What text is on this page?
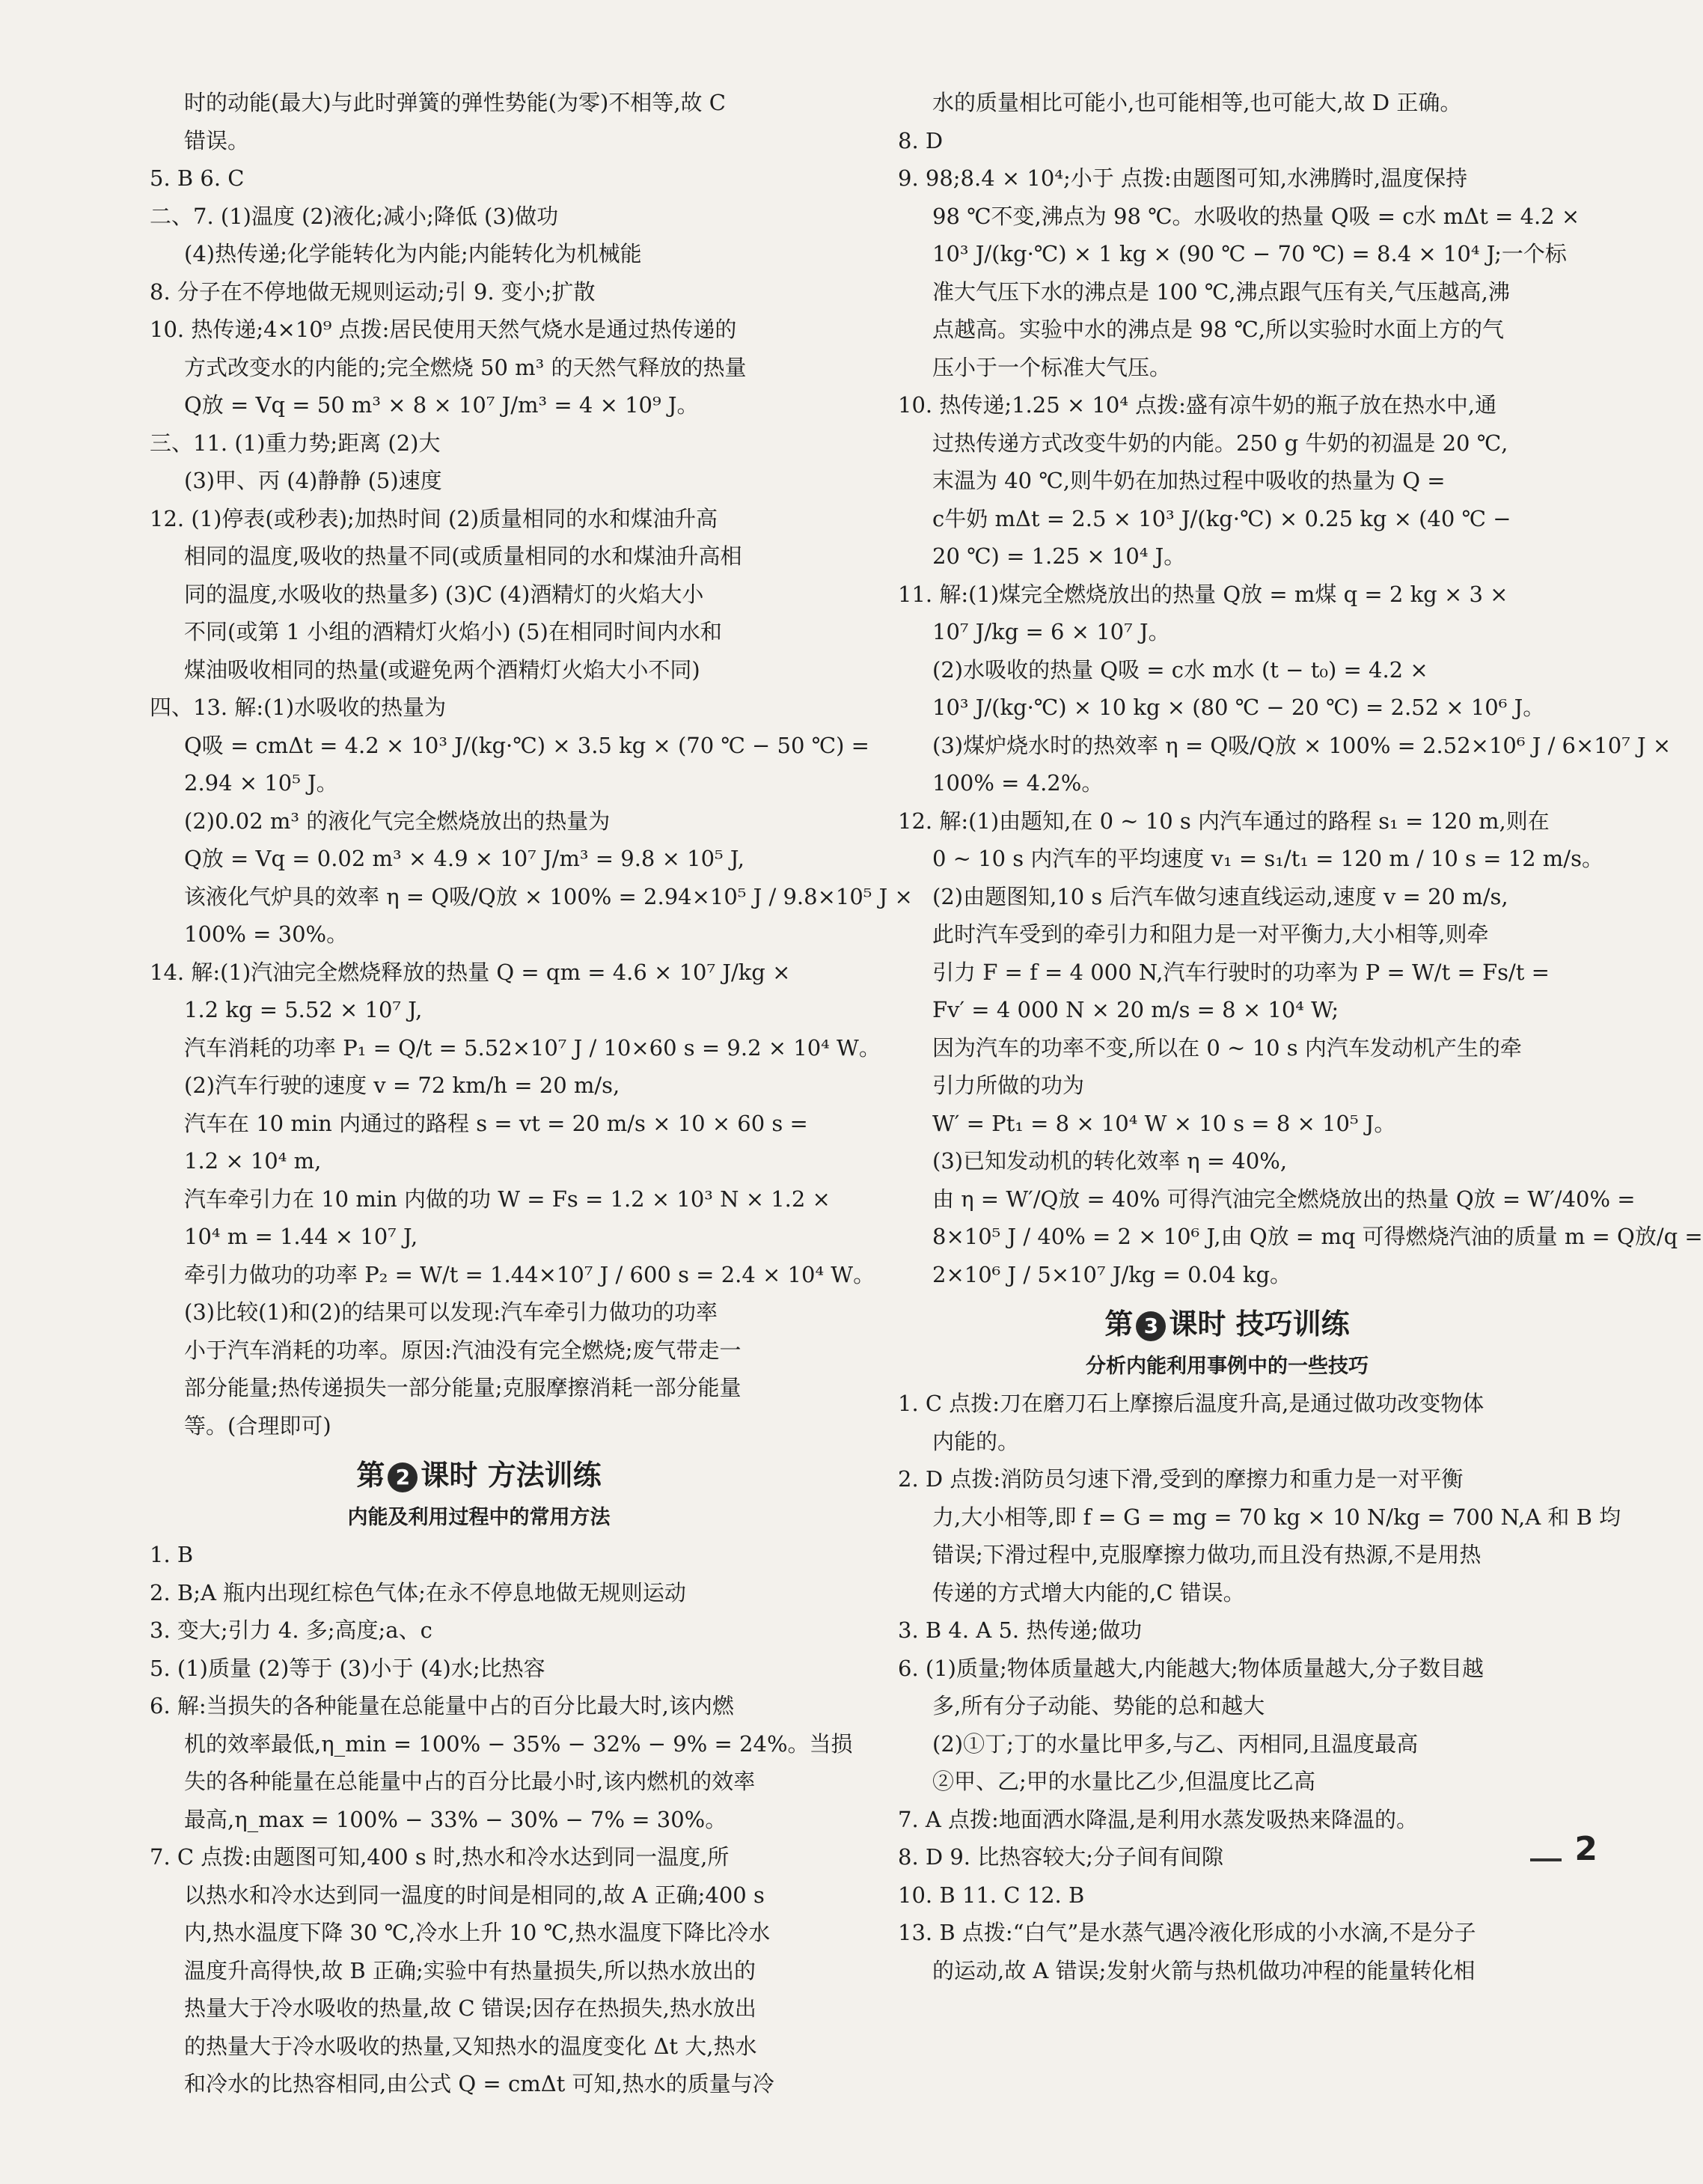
时的动能(最大)与此时弹簧的弹性势能(为零)不相等,故 C
错误。
5. B 6. C
二、7. (1)温度 (2)液化;减小;降低 (3)做功
(4)热传递;化学能转化为内能;内能转化为机械能
8. 分子在不停地做无规则运动;引 9. 变小;扩散
10. 热传递;4×10⁹ 点拨:居民使用天然气烧水是通过热传递的
方式改变水的内能的;完全燃烧 50 m³ 的天然气释放的热量
Q放 = Vq = 50 m³ × 8 × 10⁷ J/m³ = 4 × 10⁹ J。
三、11. (1)重力势;距离 (2)大
(3)甲、丙 (4)静静 (5)速度
12. (1)停表(或秒表);加热时间 (2)质量相同的水和煤油升高
相同的温度,吸收的热量不同(或质量相同的水和煤油升高相
同的温度,水吸收的热量多) (3)C (4)酒精灯的火焰大小
不同(或第 1 小组的酒精灯火焰小) (5)在相同时间内水和
煤油吸收相同的热量(或避免两个酒精灯火焰大小不同)
四、13. 解:(1)水吸收的热量为
Q吸 = cmΔt = 4.2 × 10³ J/(kg·℃) × 3.5 kg × (70 ℃ − 50 ℃) =
2.94 × 10⁵ J。
(2)0.02 m³ 的液化气完全燃烧放出的热量为
Q放 = Vq = 0.02 m³ × 4.9 × 10⁷ J/m³ = 9.8 × 10⁵ J,
该液化气炉具的效率 η = Q吸/Q放 × 100% = 2.94×10⁵ J / 9.8×10⁵ J ×
100% = 30%。
14. 解:(1)汽油完全燃烧释放的热量 Q = qm = 4.6 × 10⁷ J/kg ×
1.2 kg = 5.52 × 10⁷ J,
汽车消耗的功率 P₁ = Q/t = 5.52×10⁷ J / 10×60 s = 9.2 × 10⁴ W。
(2)汽车行驶的速度 v = 72 km/h = 20 m/s,
汽车在 10 min 内通过的路程 s = vt = 20 m/s × 10 × 60 s =
1.2 × 10⁴ m,
汽车牵引力在 10 min 内做的功 W = Fs = 1.2 × 10³ N × 1.2 ×
10⁴ m = 1.44 × 10⁷ J,
牵引力做功的功率 P₂ = W/t = 1.44×10⁷ J / 600 s = 2.4 × 10⁴ W。
(3)比较(1)和(2)的结果可以发现:汽车牵引力做功的功率
小于汽车消耗的功率。原因:汽油没有完全燃烧;废气带走一
部分能量;热传递损失一部分能量;克服摩擦消耗一部分能量
等。(合理即可)
第 2 课时 方法训练
内能及利用过程中的常用方法
1. B
2. B;A 瓶内出现红棕色气体;在永不停息地做无规则运动
3. 变大;引力 4. 多;高度;a、c
5. (1)质量 (2)等于 (3)小于 (4)水;比热容
6. 解:当损失的各种能量在总能量中占的百分比最大时,该内燃
机的效率最低,η_min = 100% − 35% − 32% − 9% = 24%。当损
失的各种能量在总能量中占的百分比最小时,该内燃机的效率
最高,η_max = 100% − 33% − 30% − 7% = 30%。
7. C 点拨:由题图可知,400 s 时,热水和冷水达到同一温度,所
以热水和冷水达到同一温度的时间是相同的,故 A 正确;400 s
内,热水温度下降 30 ℃,冷水上升 10 ℃,热水温度下降比冷水
温度升高得快,故 B 正确;实验中有热量损失,所以热水放出的
热量大于冷水吸收的热量,故 C 错误;因存在热损失,热水放出
的热量大于冷水吸收的热量,又知热水的温度变化 Δt 大,热水
和冷水的比热容相同,由公式 Q = cmΔt 可知,热水的质量与冷
水的质量相比可能小,也可能相等,也可能大,故 D 正确。
8. D
9. 98;8.4 × 10⁴;小于 点拨:由题图可知,水沸腾时,温度保持
98 ℃不变,沸点为 98 ℃。水吸收的热量 Q吸 = c水 mΔt = 4.2 ×
10³ J/(kg·℃) × 1 kg × (90 ℃ − 70 ℃) = 8.4 × 10⁴ J;一个标
准大气压下水的沸点是 100 ℃,沸点跟气压有关,气压越高,沸
点越高。实验中水的沸点是 98 ℃,所以实验时水面上方的气
压小于一个标准大气压。
10. 热传递;1.25 × 10⁴ 点拨:盛有凉牛奶的瓶子放在热水中,通
过热传递方式改变牛奶的内能。250 g 牛奶的初温是 20 ℃,
末温为 40 ℃,则牛奶在加热过程中吸收的热量为 Q =
c牛奶 mΔt = 2.5 × 10³ J/(kg·℃) × 0.25 kg × (40 ℃ −
20 ℃) = 1.25 × 10⁴ J。
11. 解:(1)煤完全燃烧放出的热量 Q放 = m煤 q = 2 kg × 3 ×
10⁷ J/kg = 6 × 10⁷ J。
(2)水吸收的热量 Q吸 = c水 m水 (t − t₀) = 4.2 ×
10³ J/(kg·℃) × 10 kg × (80 ℃ − 20 ℃) = 2.52 × 10⁶ J。
(3)煤炉烧水时的热效率 η = Q吸/Q放 × 100% = 2.52×10⁶ J / 6×10⁷ J ×
100% = 4.2%。
12. 解:(1)由题知,在 0 ~ 10 s 内汽车通过的路程 s₁ = 120 m,则在
0 ~ 10 s 内汽车的平均速度 v₁ = s₁/t₁ = 120 m / 10 s = 12 m/s。
(2)由题图知,10 s 后汽车做匀速直线运动,速度 v = 20 m/s,
此时汽车受到的牵引力和阻力是一对平衡力,大小相等,则牵
引力 F = f = 4 000 N,汽车行驶时的功率为 P = W/t = Fs/t =
Fv′ = 4 000 N × 20 m/s = 8 × 10⁴ W;
因为汽车的功率不变,所以在 0 ~ 10 s 内汽车发动机产生的牵
引力所做的功为
W′ = Pt₁ = 8 × 10⁴ W × 10 s = 8 × 10⁵ J。
(3)已知发动机的转化效率 η = 40%,
由 η = W′/Q放 = 40% 可得汽油完全燃烧放出的热量 Q放 = W′/40% =
8×10⁵ J / 40% = 2 × 10⁶ J,由 Q放 = mq 可得燃烧汽油的质量 m = Q放/q =
2×10⁶ J / 5×10⁷ J/kg = 0.04 kg。
第 3 课时 技巧训练
分析内能利用事例中的一些技巧
1. C 点拨:刀在磨刀石上摩擦后温度升高,是通过做功改变物体
内能的。
2. D 点拨:消防员匀速下滑,受到的摩擦力和重力是一对平衡
力,大小相等,即 f = G = mg = 70 kg × 10 N/kg = 700 N,A 和 B 均
错误;下滑过程中,克服摩擦力做功,而且没有热源,不是用热
传递的方式增大内能的,C 错误。
3. B 4. A 5. 热传递;做功
6. (1)质量;物体质量越大,内能越大;物体质量越大,分子数目越
多,所有分子动能、势能的总和越大
(2)①丁;丁的水量比甲多,与乙、丙相同,且温度最高
②甲、乙;甲的水量比乙少,但温度比乙高
7. A 点拨:地面洒水降温,是利用水蒸发吸热来降温的。
8. D 9. 比热容较大;分子间有间隙
10. B 11. C 12. B
13. B 点拨:“白气”是水蒸气遇冷液化形成的小水滴,不是分子
的运动,故 A 错误;发射火箭与热机做功冲程的能量转化相
2
